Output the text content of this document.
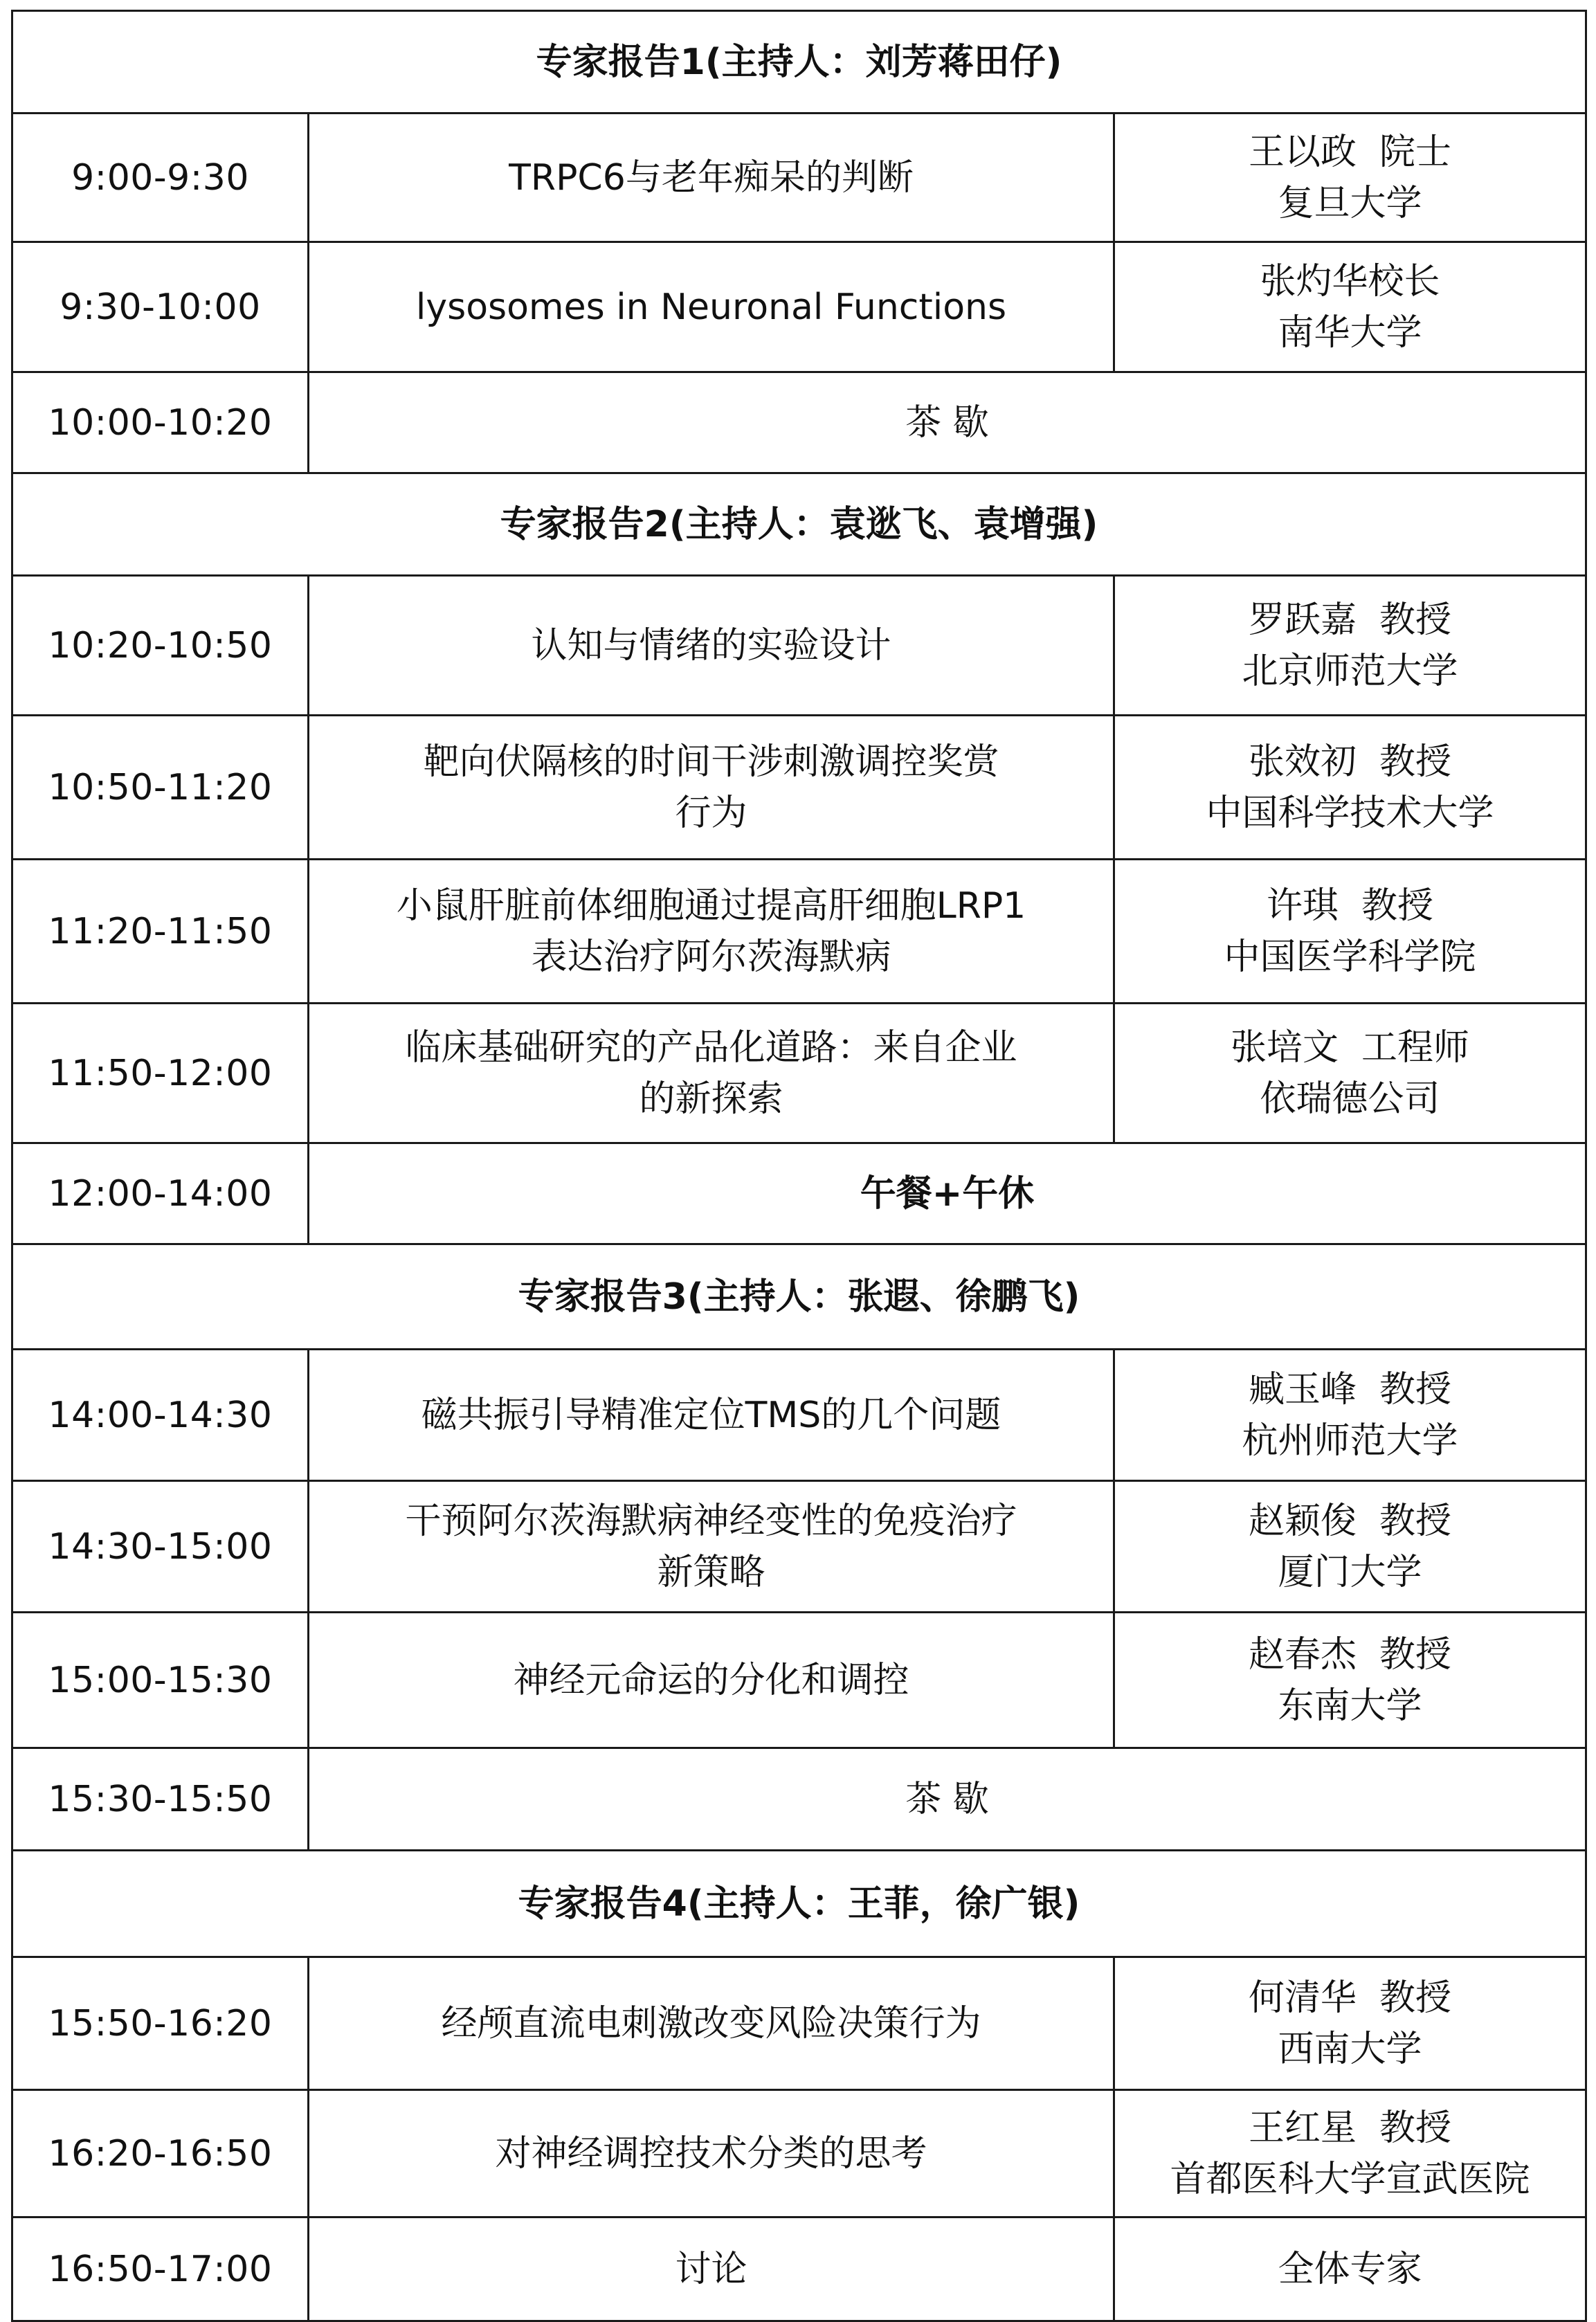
专家报告1(主持人：刘芳蒋田仔)		
9:00-9:30	TRPC6与老年痴呆的判断	王以政  院士
复旦大学

9:30-10:00	lysosomes in Neuronal Functions	张灼华校长
南华大学

10:00-10:20	茶 歇	
专家报告2(主持人：袁逖飞、袁增强)		
10:20-10:50	认知与情绪的实验设计	罗跃嘉  教授
北京师范大学

10:50-11:20	靶向伏隔核的时间干涉刺激调控奖赏
行为	张效初  教授
中国科学技术大学

11:20-11:50	小鼠肝脏前体细胞通过提高肝细胞LRP1
表达治疗阿尔茨海默病	许琪  教授
中国医学科学院

11:50-12:00	临床基础研究的产品化道路：来自企业
的新探索	张培文  工程师
依瑞德公司

12:00-14:00	午餐+午休	
专家报告3(主持人：张遐、徐鹏飞)		
14:00-14:30	磁共振引导精准定位TMS的几个问题	臧玉峰  教授
杭州师范大学

14:30-15:00	干预阿尔茨海默病神经变性的免疫治疗
新策略	赵颖俊  教授
厦门大学

15:00-15:30	神经元命运的分化和调控	赵春杰  教授
东南大学

15:30-15:50	茶 歇	
专家报告4(主持人：王菲，徐广银)		
15:50-16:20	经颅直流电刺激改变风险决策行为	何清华  教授
西南大学

16:20-16:50	对神经调控技术分类的思考	王红星  教授
首都医科大学宣武医院

16:50-17:00	讨论	全体专家
